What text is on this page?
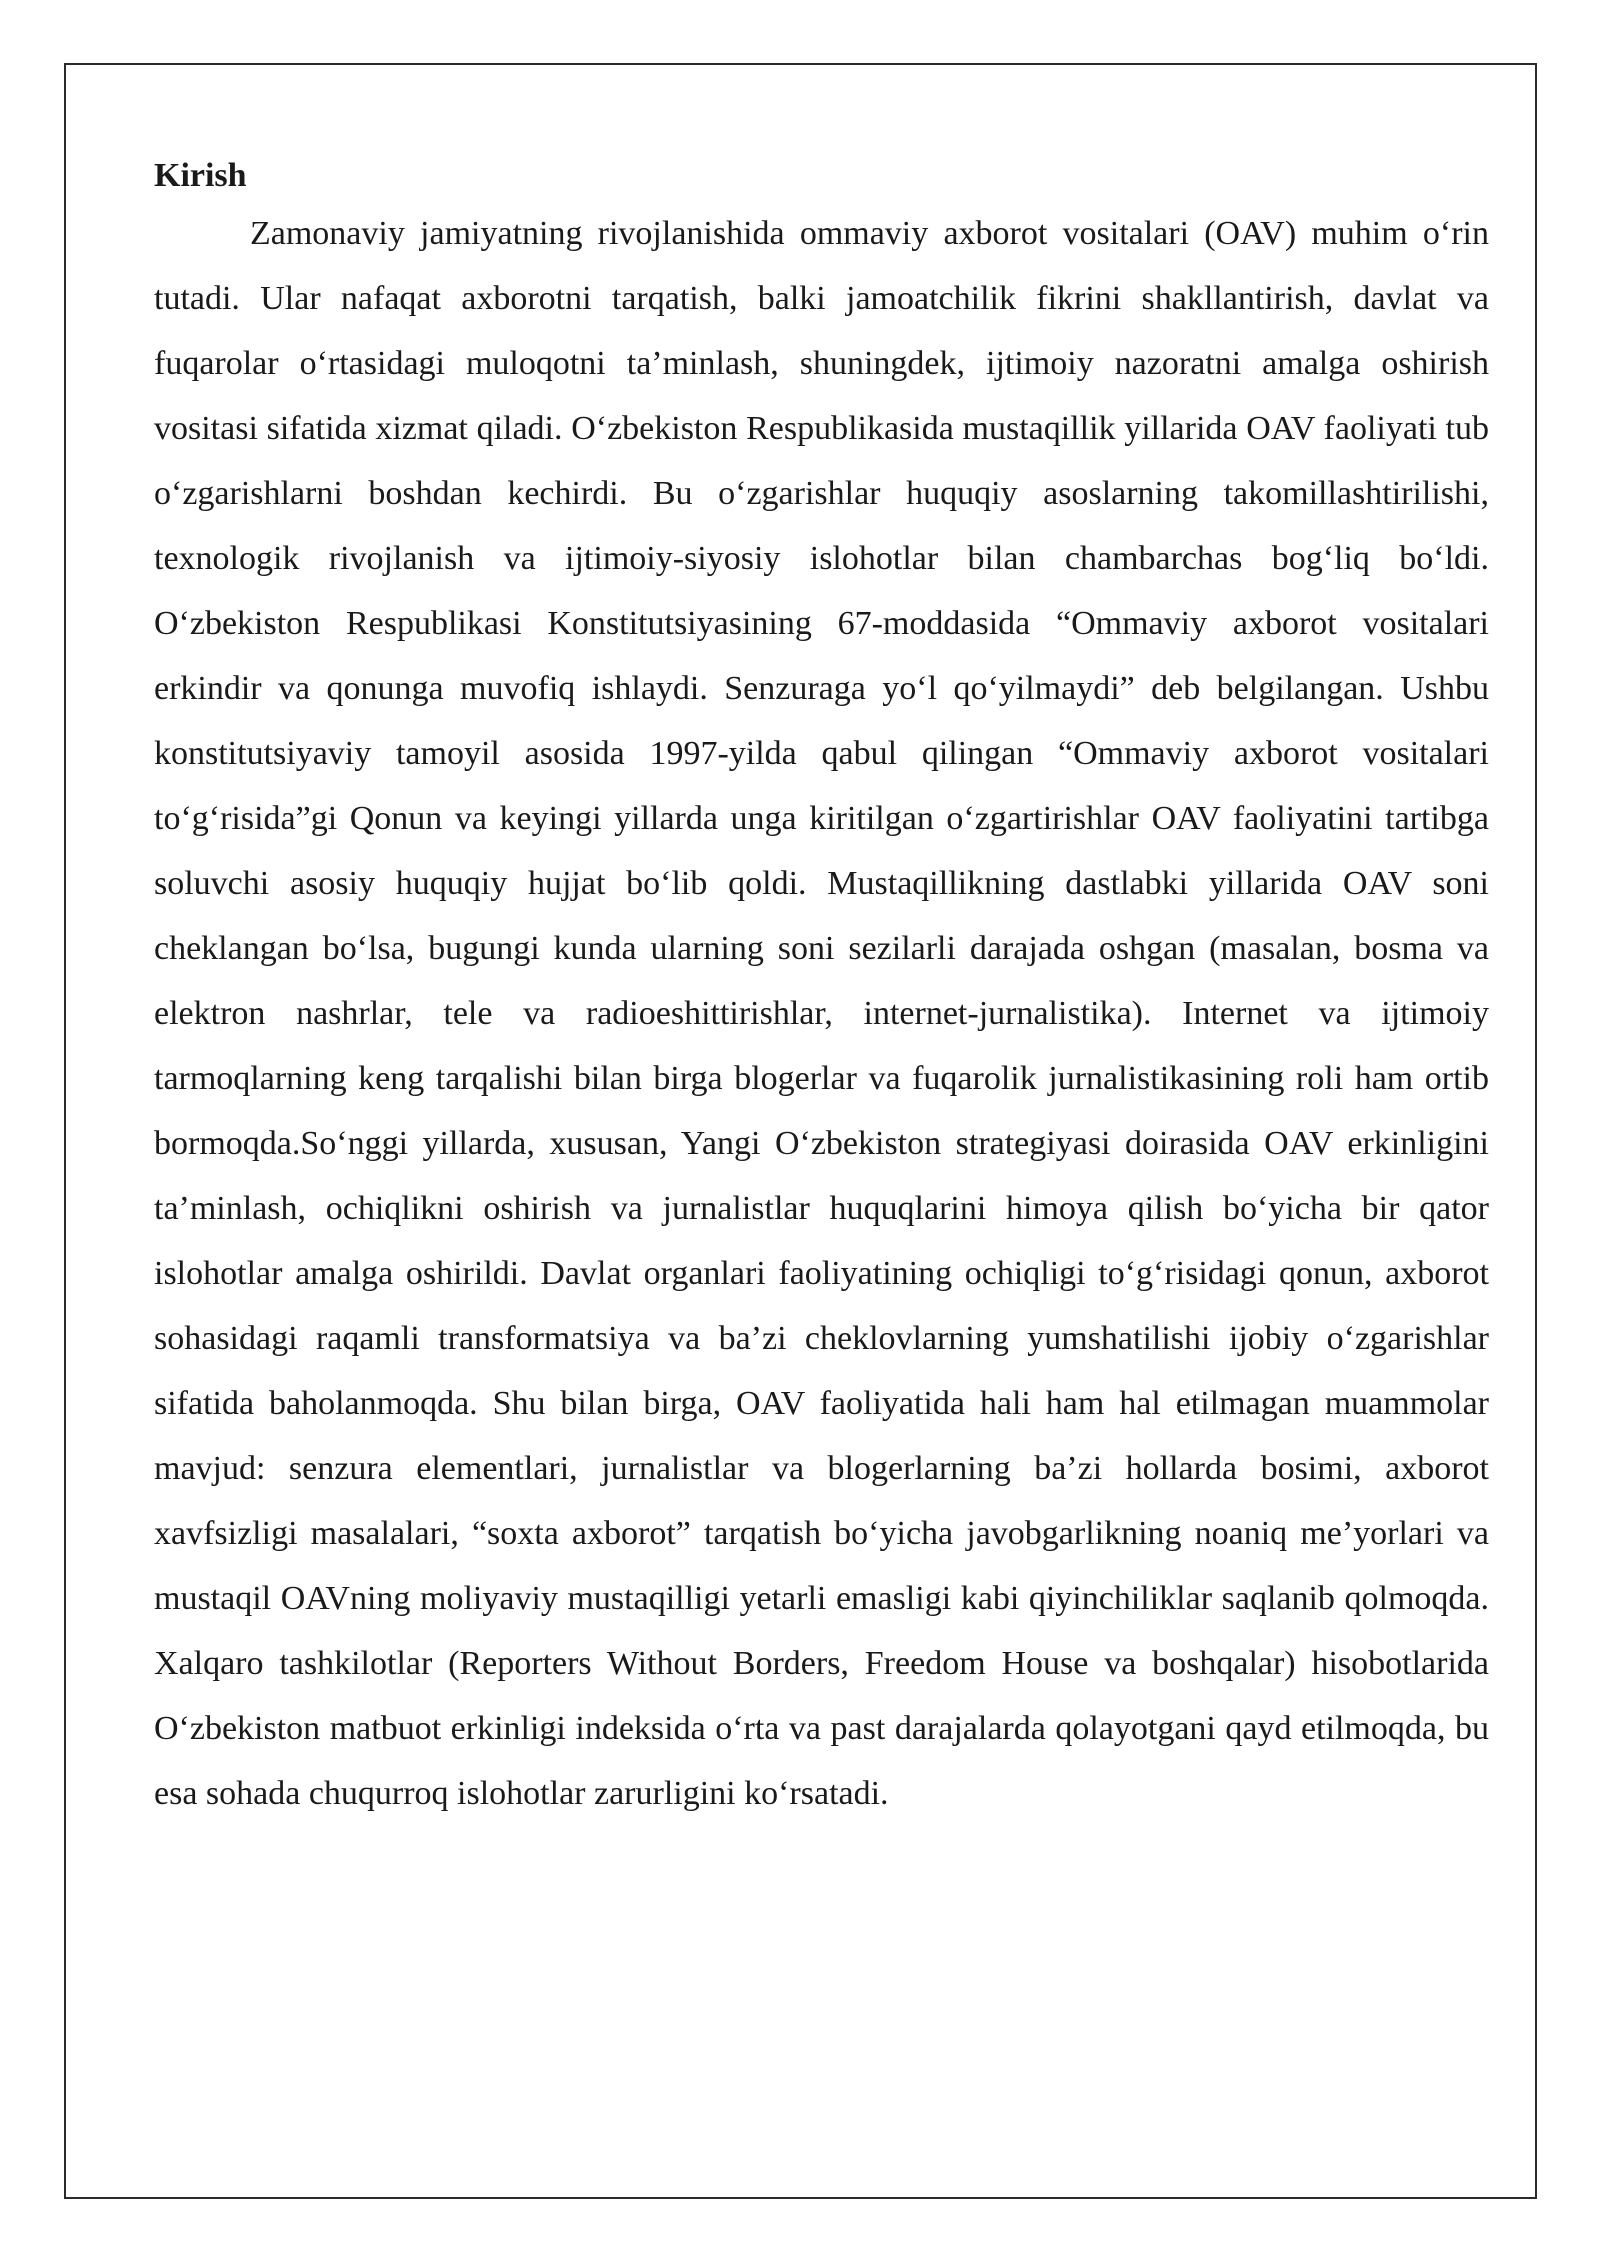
Kirish

Zamonaviy jamiyatning rivojlanishida ommaviy axborot vositalari (OAV) muhim o‘rin tutadi. Ular nafaqat axborotni tarqatish, balki jamoatchilik fikrini shakllantirish, davlat va fuqarolar o‘rtasidagi muloqotni ta’minlash, shuningdek, ijtimoiy nazoratni amalga oshirish vositasi sifatida xizmat qiladi. O‘zbekiston Respublikasida mustaqillik yillarida OAV faoliyati tub o‘zgarishlarni boshdan kechirdi. Bu o‘zgarishlar huquqiy asoslarning takomillashtirilishi, texnologik rivojlanish va ijtimoiy-siyosiy islohotlar bilan chambarchas bog‘liq bo‘ldi. O‘zbekiston Respublikasi Konstitutsiyasining 67-moddasida “Ommaviy axborot vositalari erkindir va qonunga muvofiq ishlaydi. Senzuraga yo‘l qo‘yilmaydi” deb belgilangan. Ushbu konstitutsiyaviy tamoyil asosida 1997-yilda qabul qilingan “Ommaviy axborot vositalari to‘g‘risida”gi Qonun va keyingi yillarda unga kiritilgan o‘zgartirishlar OAV faoliyatini tartibga soluvchi asosiy huquqiy hujjat bo‘lib qoldi. Mustaqillikning dastlabki yillarida OAV soni cheklangan bo‘lsa, bugungi kunda ularning soni sezilarli darajada oshgan (masalan, bosma va elektron nashrlar, tele va radioeshittirishlar, internet-jurnalistika). Internet va ijtimoiy tarmoqlarning keng tarqalishi bilan birga blogerlar va fuqarolik jurnalistikasining roli ham ortib bormoqda.So‘nggi yillarda, xususan, Yangi O‘zbekiston strategiyasi doirasida OAV erkinligini ta’minlash, ochiqlikni oshirish va jurnalistlar huquqlarini himoya qilish bo‘yicha bir qator islohotlar amalga oshirildi. Davlat organlari faoliyatining ochiqligi to‘g‘risidagi qonun, axborot sohasidagi raqamli transformatsiya va ba’zi cheklovlarning yumshatilishi ijobiy o‘zgarishlar sifatida baholanmoqda. Shu bilan birga, OAV faoliyatida hali ham hal etilmagan muammolar mavjud: senzura elementlari, jurnalistlar va blogerlarning ba’zi hollarda bosimi, axborot xavfsizligi masalalari, “soxta axborot” tarqatish bo‘yicha javobgarlikning noaniq me’yorlari va mustaqil OAVning moliyaviy mustaqilligi yetarli emasligi kabi qiyinchiliklar saqlanib qolmoqda. Xalqaro tashkilotlar (Reporters Without Borders, Freedom House va boshqalar) hisobotlarida O‘zbekiston matbuot erkinligi indeksida o‘rta va past darajalarda qolayotgani qayd etilmoqda, bu esa sohada chuqurroq islohotlar zarurligini ko‘rsatadi.
